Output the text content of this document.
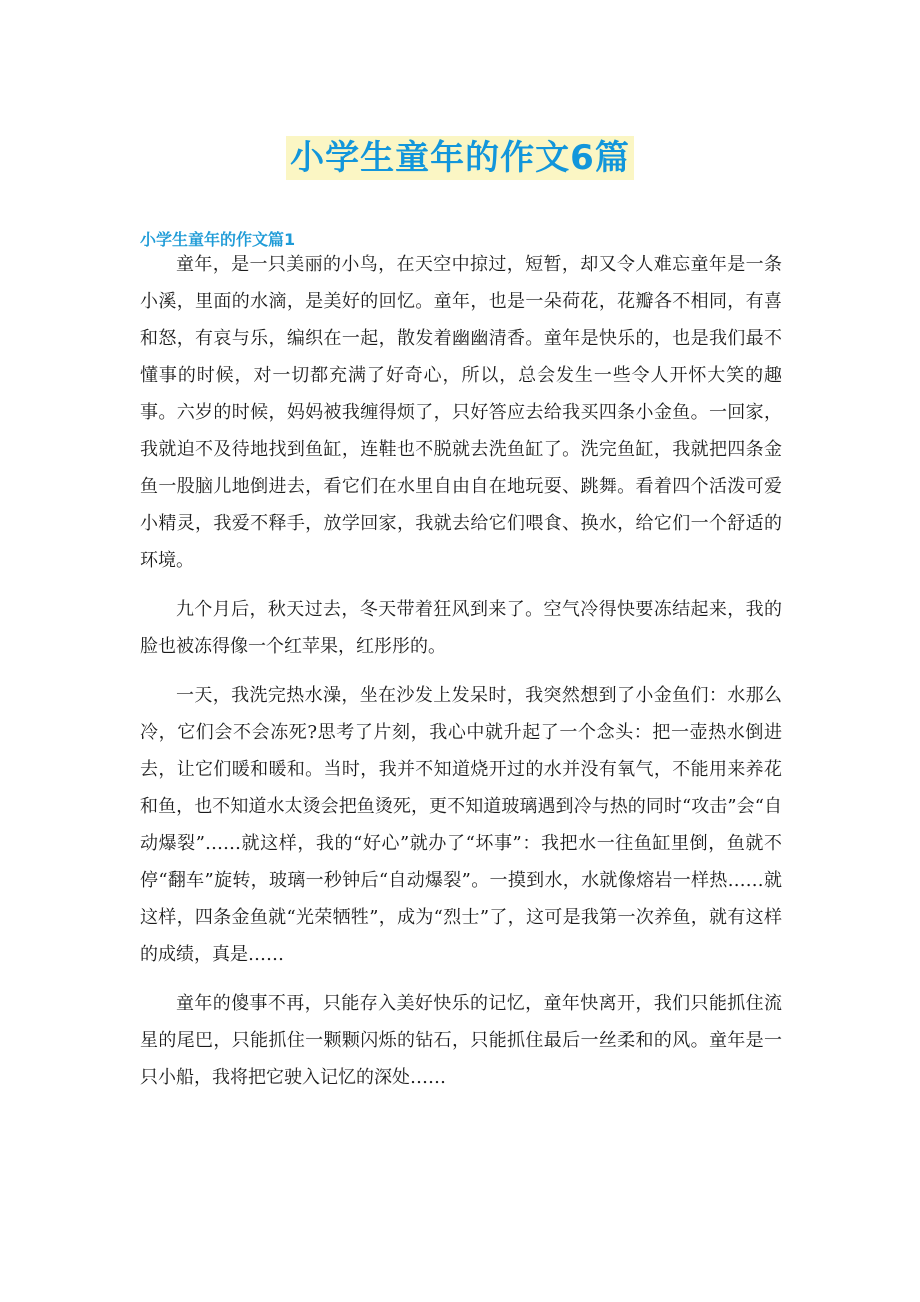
小学生童年的作文6篇
小学生童年的作文篇1

童年，是一只美丽的小鸟，在天空中掠过，短暂，却又令人难忘童年是一条小溪，里面的水滴，是美好的回忆。童年，也是一朵荷花，花瓣各不相同，有喜和怒，有哀与乐，编织在一起，散发着幽幽清香。童年是快乐的，也是我们最不懂事的时候，对一切都充满了好奇心，所以，总会发生一些令人开怀大笑的趣事。六岁的时候，妈妈被我缠得烦了，只好答应去给我买四条小金鱼。一回家，我就迫不及待地找到鱼缸，连鞋也不脱就去洗鱼缸了。洗完鱼缸，我就把四条金鱼一股脑儿地倒进去，看它们在水里自由自在地玩耍、跳舞。看着四个活泼可爱小精灵，我爱不释手，放学回家，我就去给它们喂食、换水，给它们一个舒适的环境。

九个月后，秋天过去，冬天带着狂风到来了。空气冷得快要冻结起来，我的脸也被冻得像一个红苹果，红彤彤的。

一天，我洗完热水澡，坐在沙发上发呆时，我突然想到了小金鱼们：水那么冷，它们会不会冻死?思考了片刻，我心中就升起了一个念头：把一壶热水倒进去，让它们暖和暖和。当时，我并不知道烧开过的水并没有氧气，不能用来养花和鱼，也不知道水太烫会把鱼烫死，更不知道玻璃遇到冷与热的同时“攻击”会“自动爆裂”……就这样，我的“好心”就办了“坏事”：我把水一往鱼缸里倒，鱼就不停“翻车”旋转，玻璃一秒钟后“自动爆裂”。一摸到水，水就像熔岩一样热……就这样，四条金鱼就“光荣牺牲”，成为“烈士”了，这可是我第一次养鱼，就有这样的成绩，真是……

童年的傻事不再，只能存入美好快乐的记忆，童年快离开，我们只能抓住流星的尾巴，只能抓住一颗颗闪烁的钻石，只能抓住最后一丝柔和的风。童年是一只小船，我将把它驶入记忆的深处……
